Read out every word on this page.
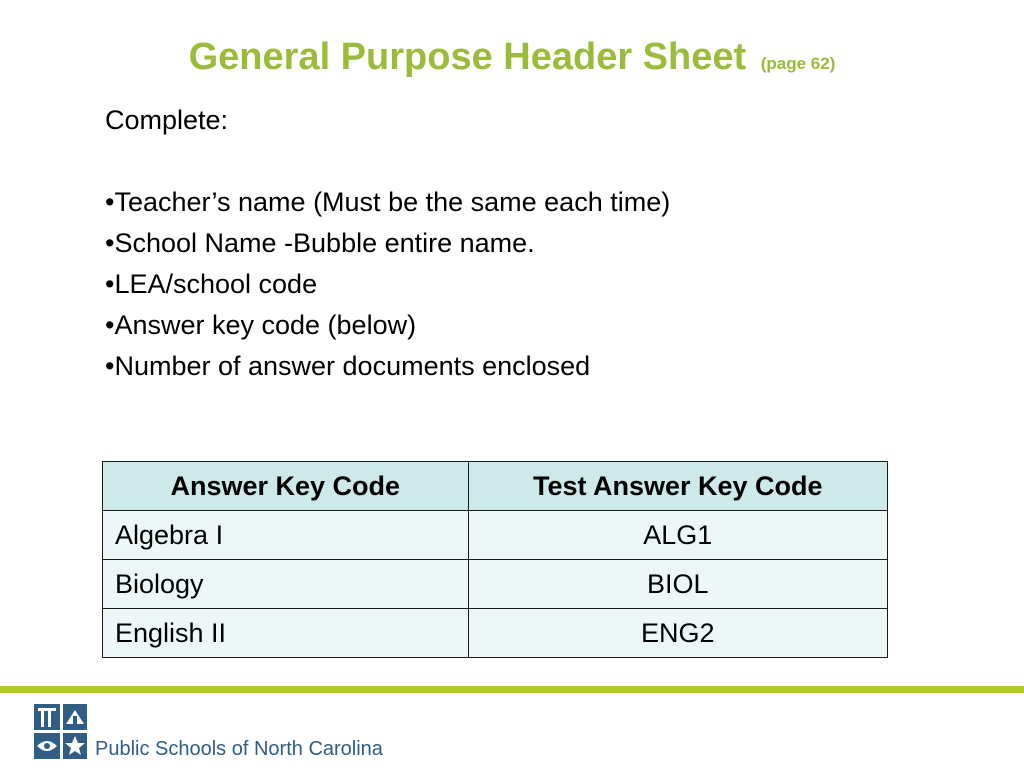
General Purpose Header Sheet (page 62)
Complete:
•Teacher’s name (Must be the same each time)
•School Name -Bubble entire name.
•LEA/school code
•Answer key code (below)
•Number of answer documents enclosed
Answer Key Code	Test Answer Key Code
Algebra I	ALG1
Biology	BIOL
English II	ENG2
Public Schools of North Carolina
